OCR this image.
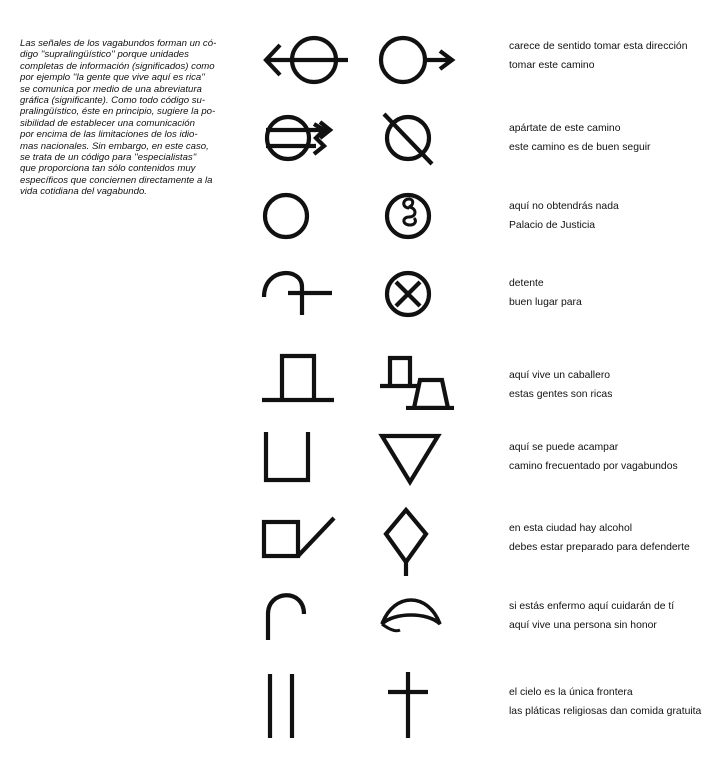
Las señales de los vagabundos forman un có-
digo ''supralingüístico'' porque unidades
completas de información (significados) como
por ejemplo ''la gente que vive aquí es rica''
se comunica por medio de una abreviatura
gráfica (significante). Como todo código su-
pralingüístico, éste en principio, sugiere la po-
sibilidad de establecer una comunicación
por encima de las limitaciones de los idio-
mas nacionales. Sin embargo, en este caso,
se trata de un código para ''especialistas''
que proporciona tan sólo contenidos muy
específicos que conciernen directamente a la
vida cotidiana del vagabundo.
carece de sentido tomar esta dirección
tomar este camino
apártate de este camino
este camino es de buen seguir
aquí no obtendrás nada
Palacio de Justicia
detente
buen lugar para
aquí vive un caballero
estas gentes son ricas
aquí se puede acampar
camino frecuentado por vagabundos
en esta ciudad hay alcohol
debes estar preparado para defenderte
si estás enfermo aquí cuidarán de tí
aquí vive una persona sin honor
el cielo es la única frontera
las pláticas religiosas dan comida gratuita
